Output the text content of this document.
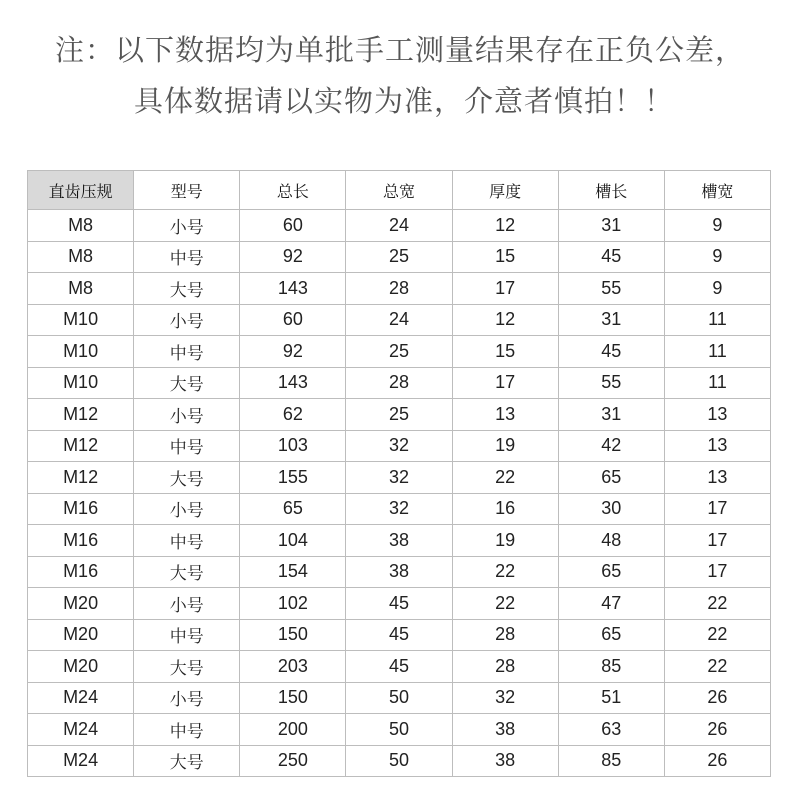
注：以下数据均为单批手工测量结果存在正负公差，
具体数据请以实物为准，介意者慎拍！！
直齿压规	型号	总长	总宽	厚度	槽长	槽宽
M8	小号	60	24	12	31	9
M8	中号	92	25	15	45	9
M8	大号	143	28	17	55	9
M10	小号	60	24	12	31	11
M10	中号	92	25	15	45	11
M10	大号	143	28	17	55	11
M12	小号	62	25	13	31	13
M12	中号	103	32	19	42	13
M12	大号	155	32	22	65	13
M16	小号	65	32	16	30	17
M16	中号	104	38	19	48	17
M16	大号	154	38	22	65	17
M20	小号	102	45	22	47	22
M20	中号	150	45	28	65	22
M20	大号	203	45	28	85	22
M24	小号	150	50	32	51	26
M24	中号	200	50	38	63	26
M24	大号	250	50	38	85	26
